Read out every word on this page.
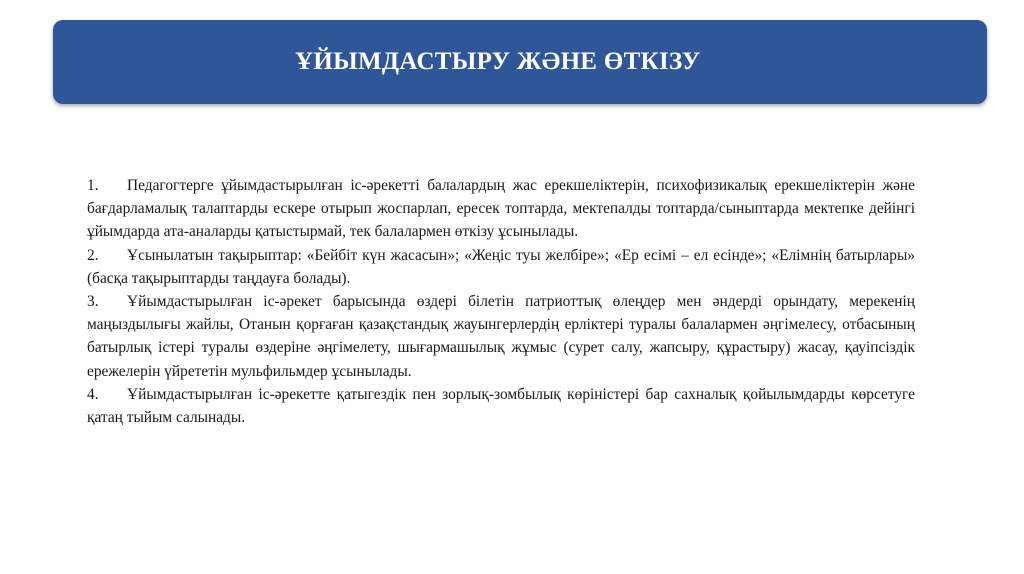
ҰЙЫМДАСТЫРУ ЖӘНЕ ӨТКІЗУ

1. Педагогтерге ұйымдастырылған іс-әрекетті балалардың жас ерекшеліктерін, психофизикалық ерекшеліктерін және бағдарламалық талаптарды ескере отырып жоспарлап, ересек топтарда, мектепалды топтарда/сыныптарда мектепке дейінгі ұйымдарда ата-аналарды қатыстырмай, тек балалармен өткізу ұсынылады.

2. Ұсынылатын тақырыптар: «Бейбіт күн жасасын»; «Жеңіс туы желбіре»; «Ер есімі – ел есінде»; «Елімнің батырлары» (басқа тақырыптарды таңдауға болады).

3. Ұйымдастырылған іс-әрекет барысында өздері білетін патриоттық өлеңдер мен әндерді орындату, мерекенің маңыздылығы жайлы, Отанын қорғаған қазақстандық жауынгерлердің ерліктері туралы балалармен әңгімелесу, отбасының батырлық істері туралы өздеріне әңгімелету, шығармашылық жұмыс (сурет салу, жапсыру, құрастыру) жасау, қауіпсіздік ережелерін үйрететін мульфильмдер ұсынылады.

4. Ұйымдастырылған іс-әрекетте қатыгездік пен зорлық-зомбылық көріністері бар сахналық қойылымдарды көрсетуге қатаң тыйым салынады.
